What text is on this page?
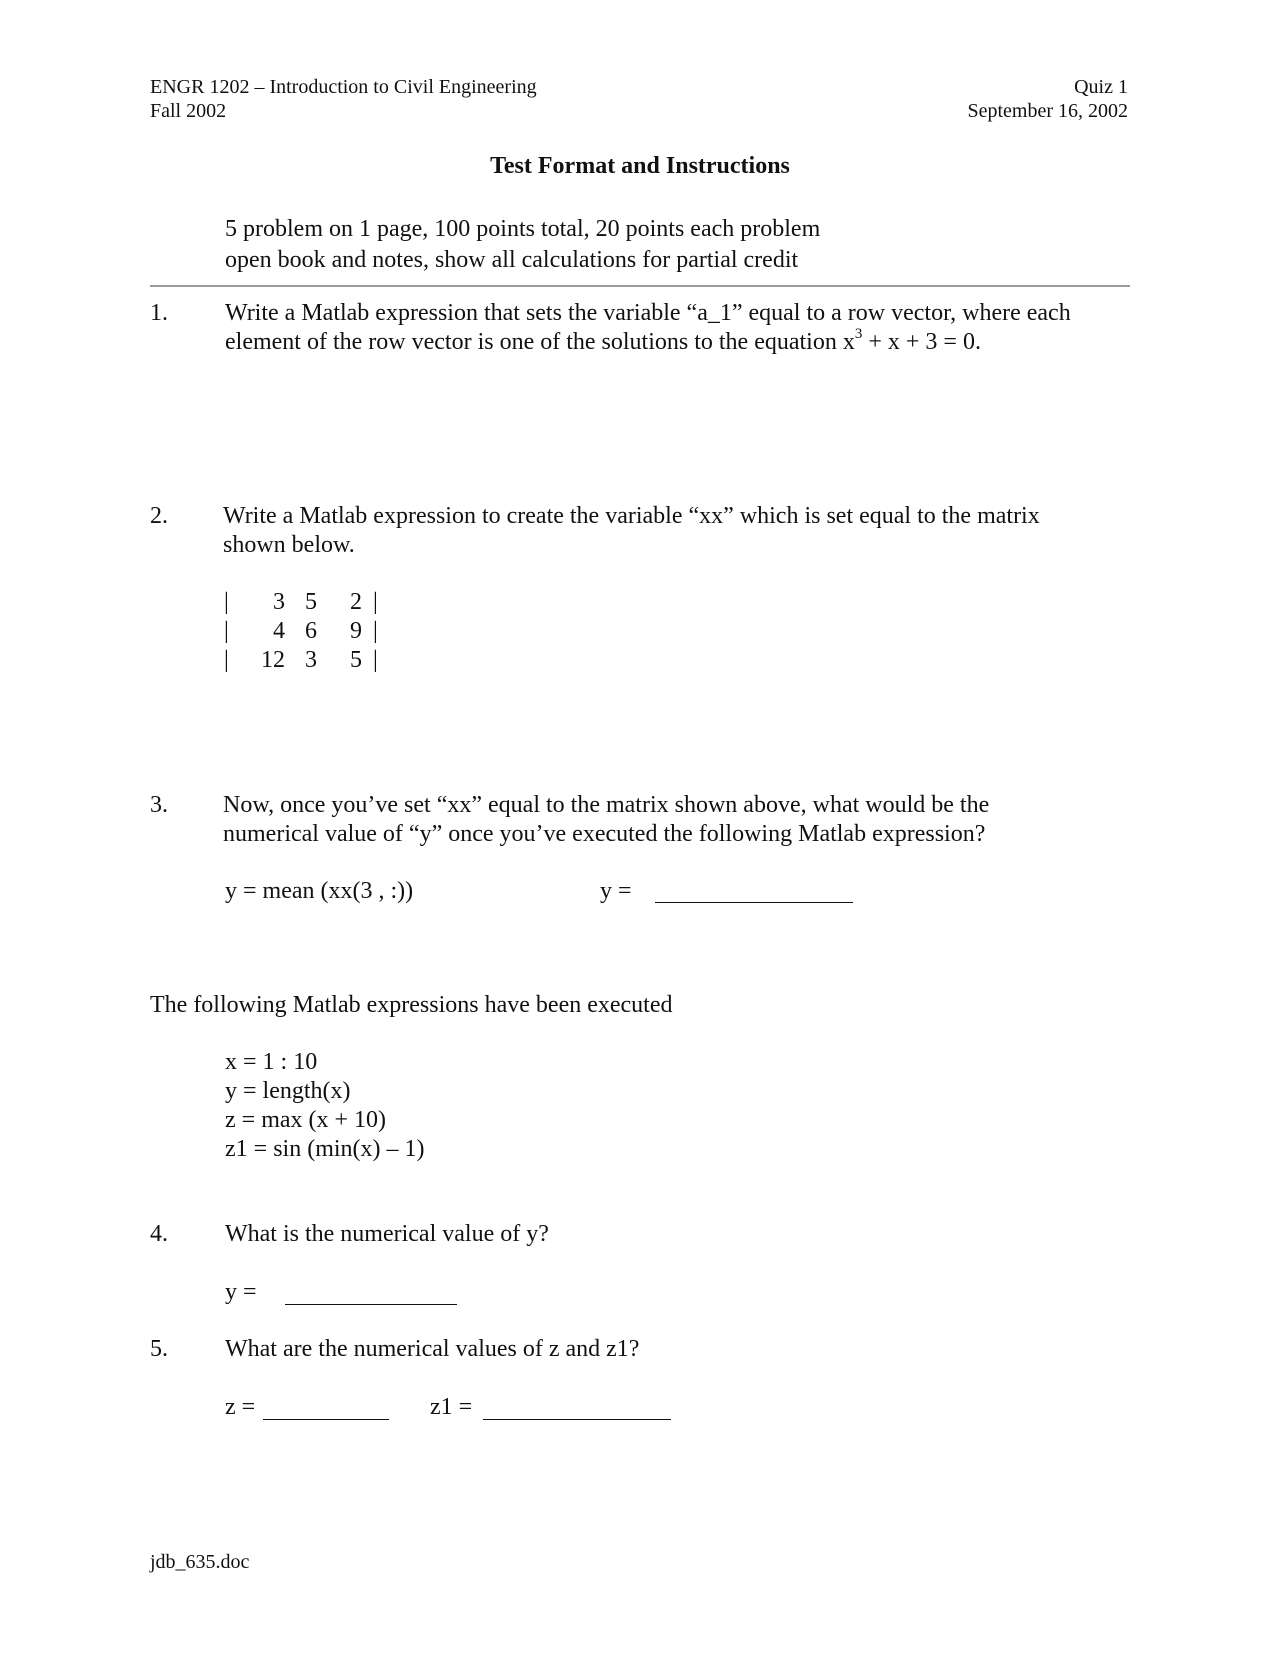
ENGR 1202 – Introduction to Civil Engineering
Fall 2002
Quiz 1
September 16, 2002
Test Format and Instructions
5 problem on 1 page, 100 points total, 20 points each problem
open book and notes, show all calculations for partial credit
1. Write a Matlab expression that sets the variable “a_1” equal to a row vector, where each
element of the row vector is one of the solutions to the equation $x^3 + x + 3 = 0$.
2. Write a Matlab expression to create the variable “xx” which is set equal to the matrix
shown below.
|
|
|
3 5	2
4 6	9
12 3	5
|
|
|
3. Now, once you’ve set “xx” equal to the matrix shown above, what would be the
numerical value of “y” once you’ve executed the following Matlab expression?
y = mean (xx(3 , :))	y =
The following Matlab expressions have been executed
x = 1 : 10
y = length(x)
z = max (x + 10)
z1 = sin (min(x) – 1)
4. What is the numerical value of y?
y =
5. What are the numerical values of z and z1?
z =	z1 =
jdb_635.doc
